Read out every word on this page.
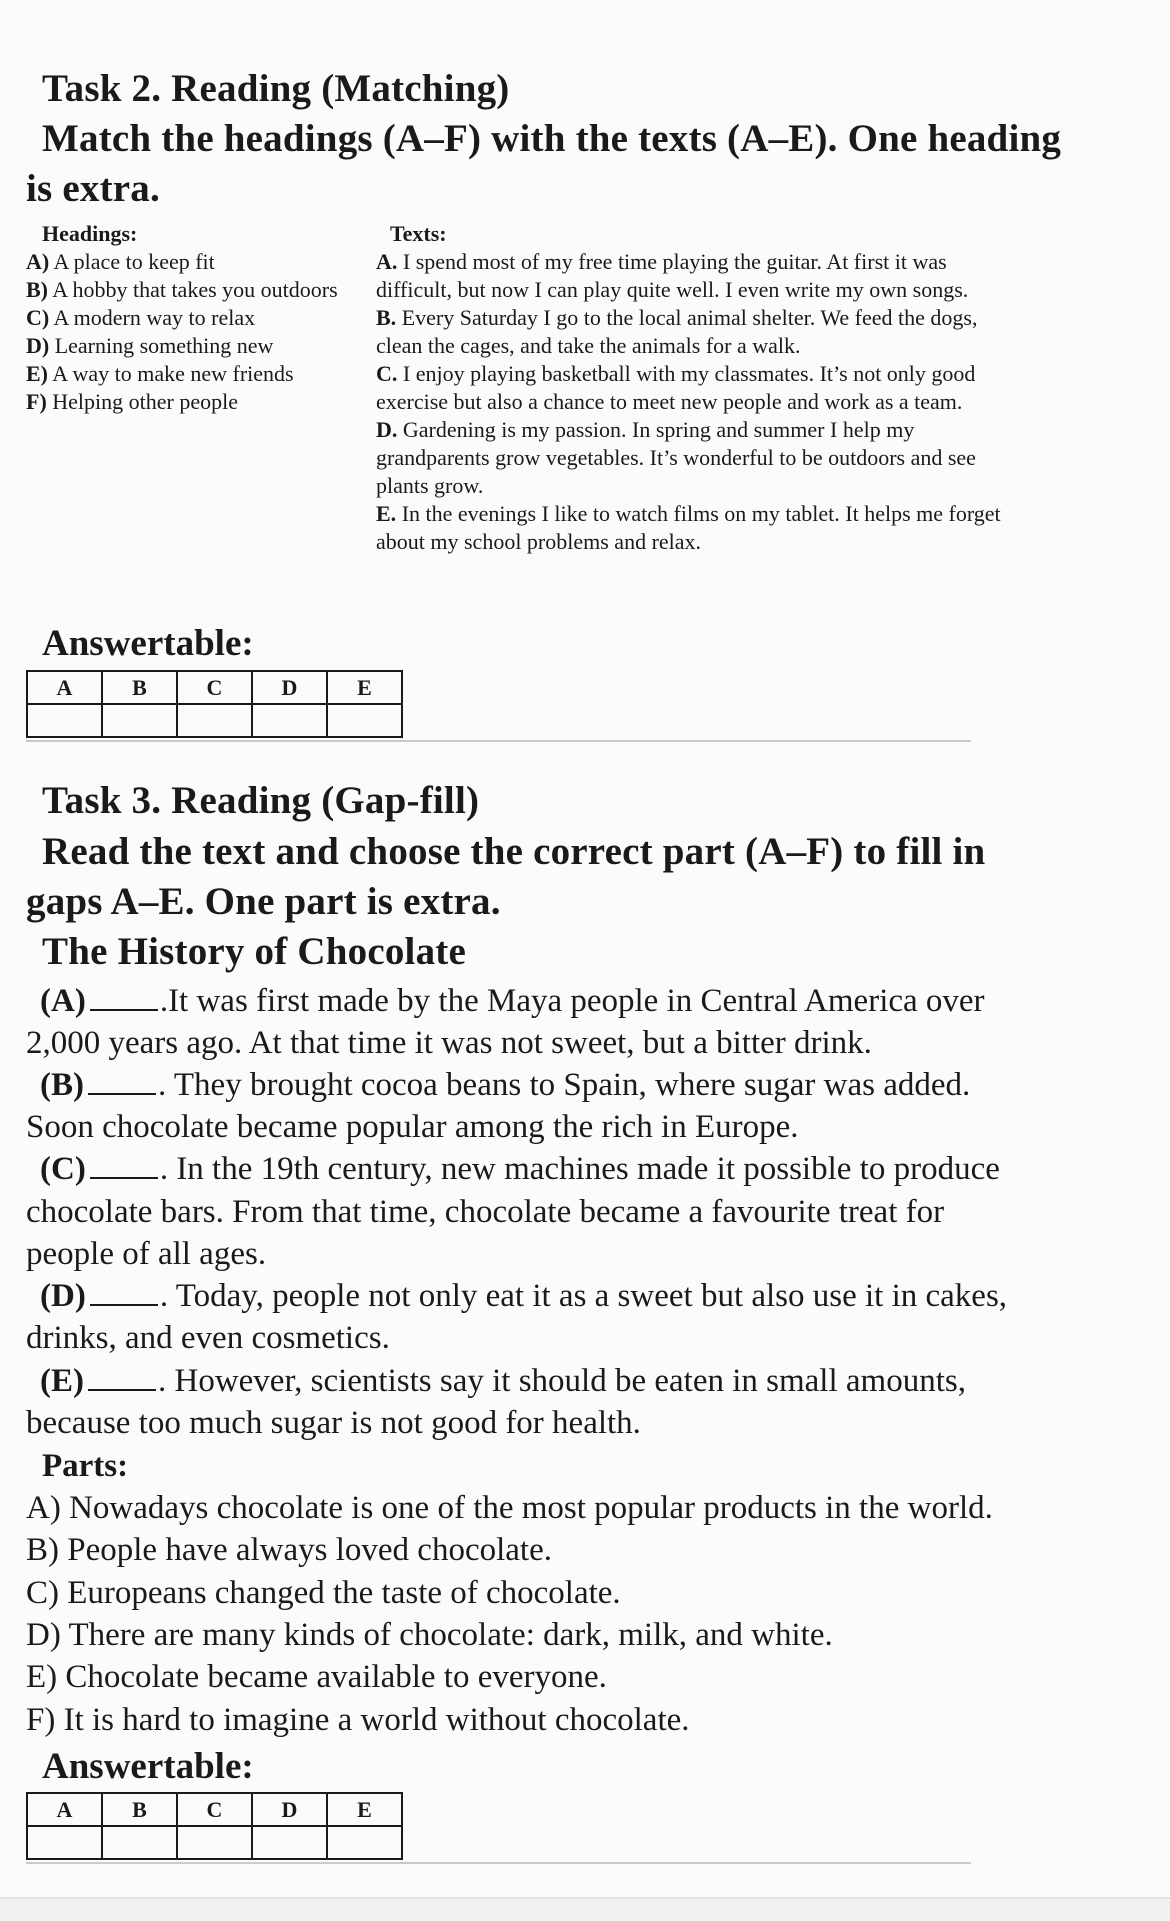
Task 2. Reading (Matching)
Match the headings (A–F) with the texts (A–E). One heading
is extra.
Headings:	Texts:
A) A place to keep fit
B) A hobby that takes you outdoors
C) A modern way to relax
D) Learning something new
E) A way to make new friends
F) Helping other people
A. I spend most of my free time playing the guitar. At first it was
difficult, but now I can play quite well. I even write my own songs.
B. Every Saturday I go to the local animal shelter. We feed the dogs,
clean the cages, and take the animals for a walk.
C. I enjoy playing basketball with my classmates. It’s not only good
exercise but also a chance to meet new people and work as a team.
D. Gardening is my passion. In spring and summer I help my
grandparents grow vegetables. It’s wonderful to be outdoors and see
plants grow.
E. In the evenings I like to watch films on my tablet. It helps me forget
about my school problems and relax.
Answertable:
A	B	C	D	E

Task 3. Reading (Gap-fill)
Read the text and choose the correct part (A–F) to fill in
gaps A–E. One part is extra.
The History of Chocolate
(A) .It was first made by the Maya people in Central America over
2,000 years ago. At that time it was not sweet, but a bitter drink.
(B) . They brought cocoa beans to Spain, where sugar was added.
Soon chocolate became popular among the rich in Europe.
(C) . In the 19th century, new machines made it possible to produce
chocolate bars. From that time, chocolate became a favourite treat for
people of all ages.
(D) . Today, people not only eat it as a sweet but also use it in cakes,
drinks, and even cosmetics.
(E) . However, scientists say it should be eaten in small amounts,
because too much sugar is not good for health.
Parts:
A) Nowadays chocolate is one of the most popular products in the world.
B) People have always loved chocolate.
C) Europeans changed the taste of chocolate.
D) There are many kinds of chocolate: dark, milk, and white.
E) Chocolate became available to everyone.
F) It is hard to imagine a world without chocolate.
Answertable:
A	B	C	D	E
